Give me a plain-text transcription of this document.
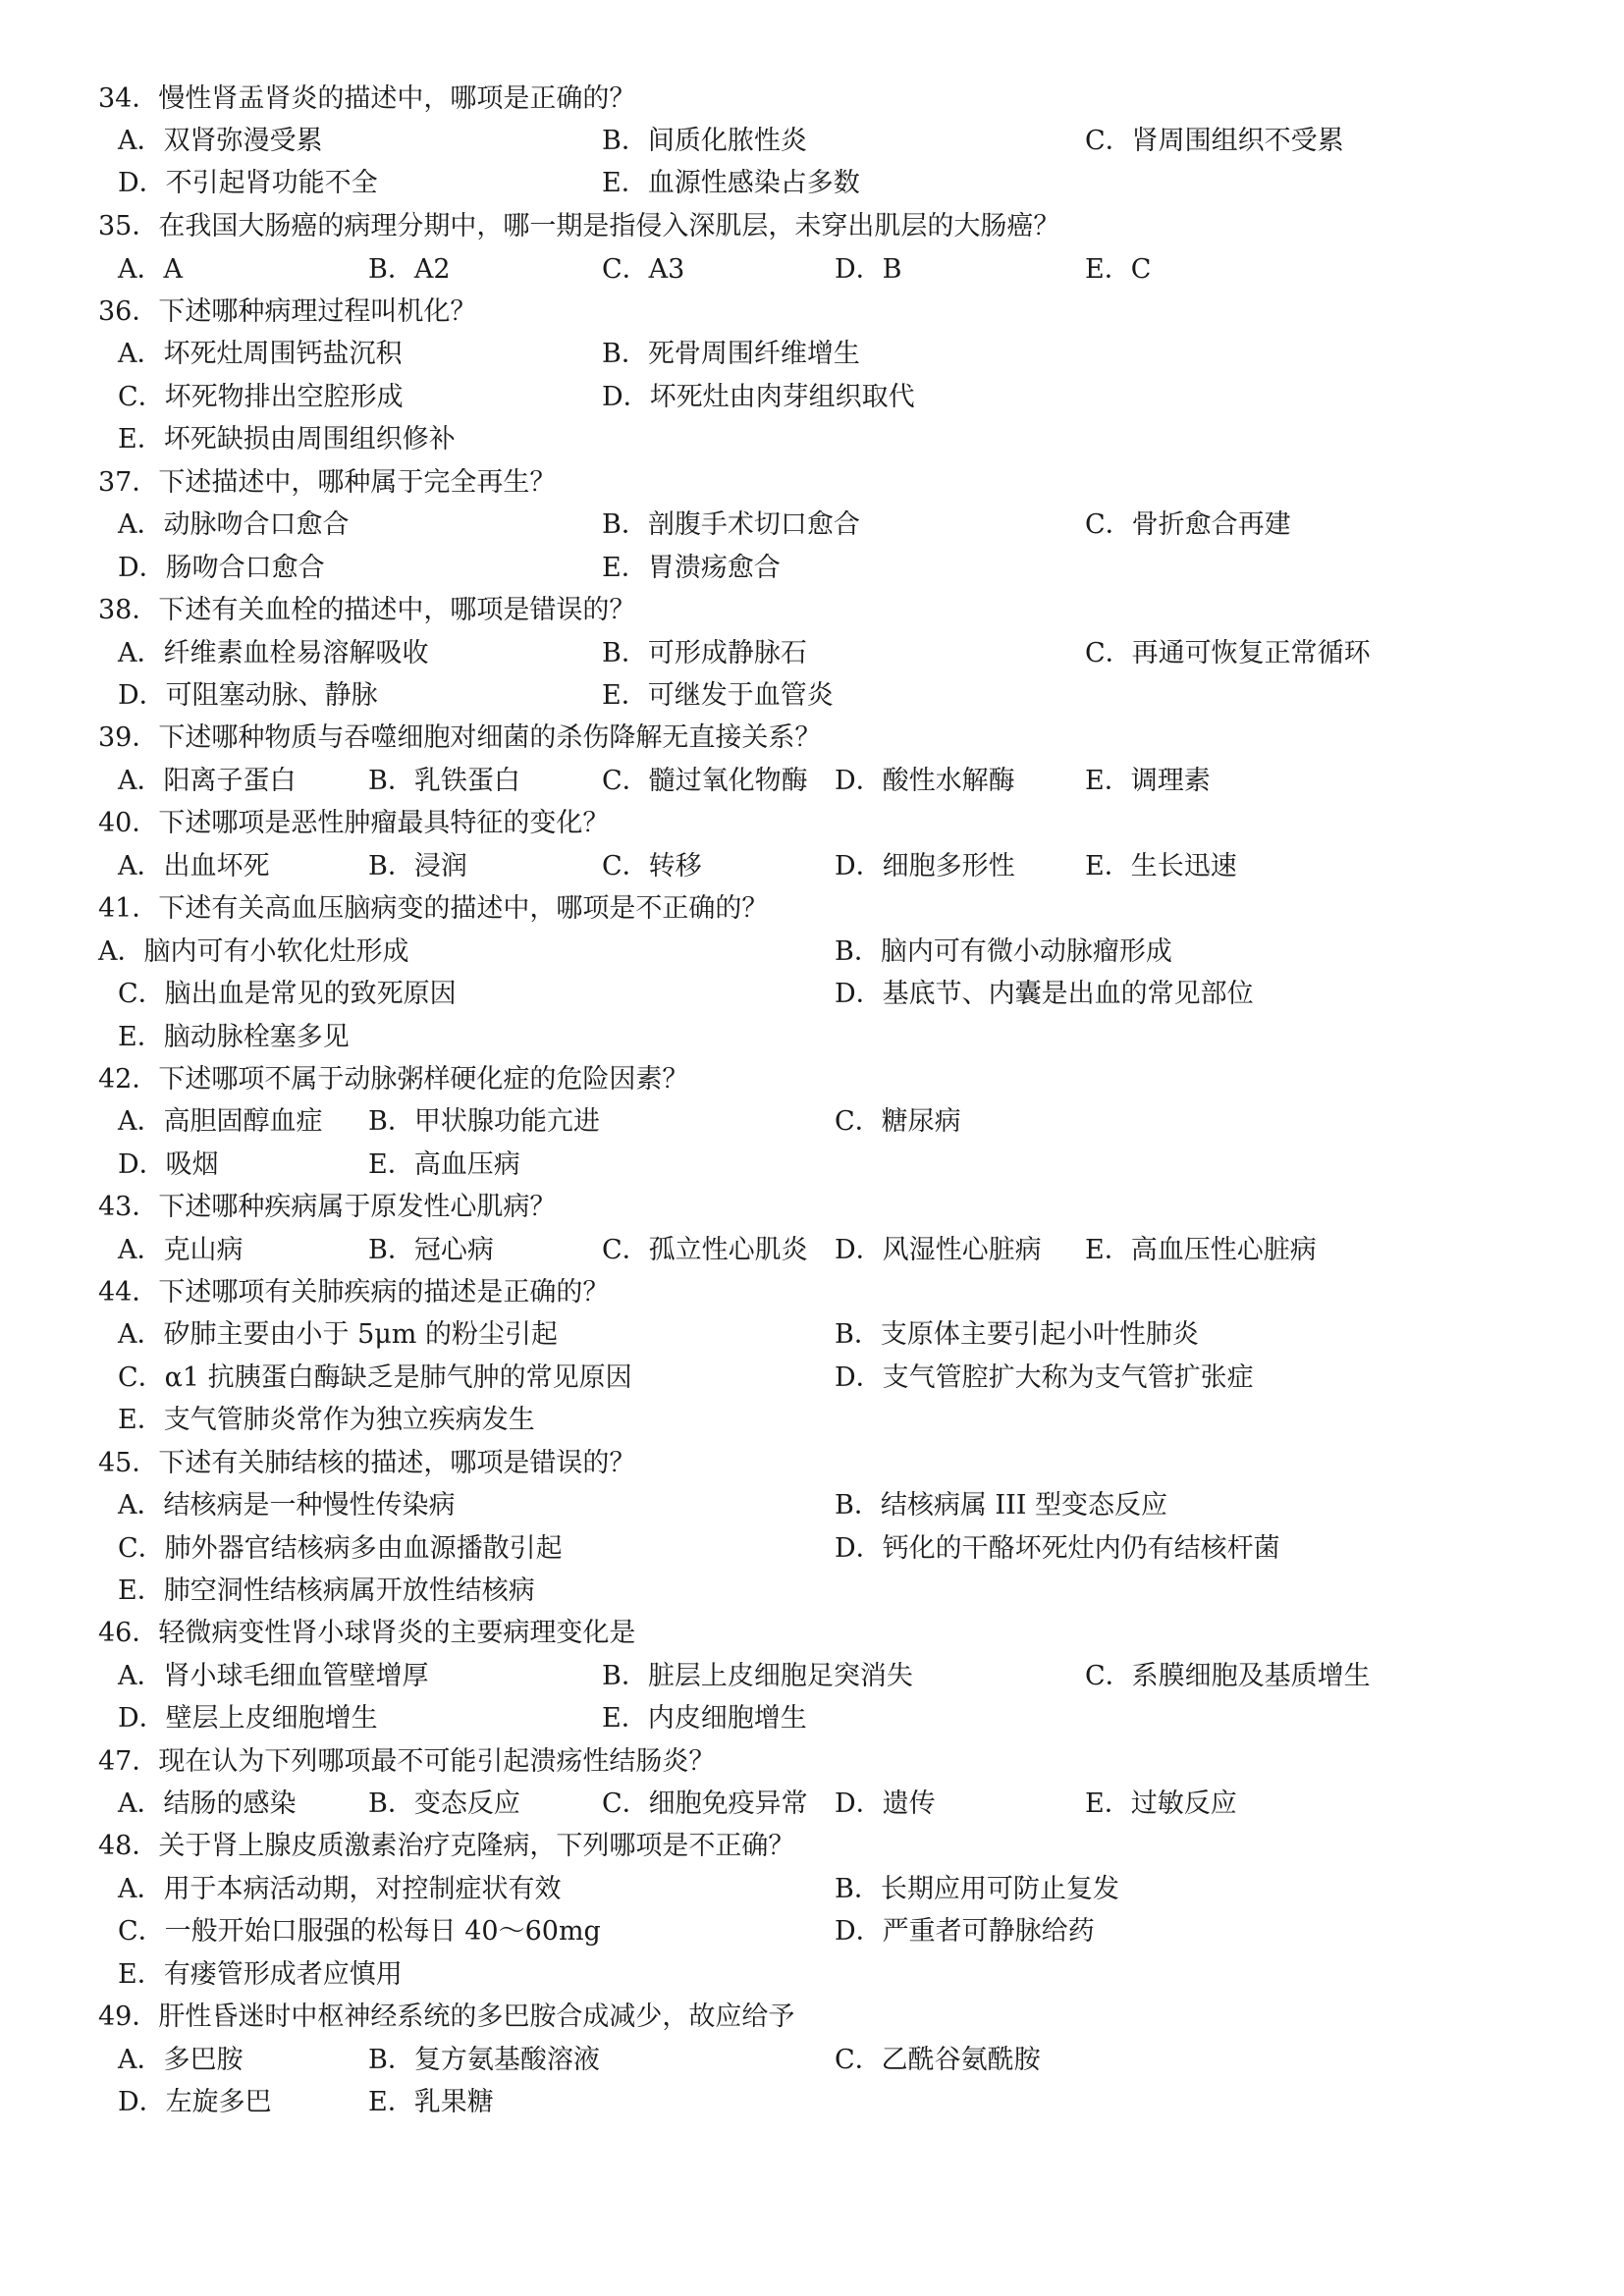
34．慢性肾盂肾炎的描述中，哪项是正确的？
A．双肾弥漫受累	B．间质化脓性炎	C．肾周围组织不受累
D．不引起肾功能不全	E．血源性感染占多数
35．在我国大肠癌的病理分期中，哪一期是指侵入深肌层，未穿出肌层的大肠癌？
A．A	B．A2	C．A3	D．B	E．C
36．下述哪种病理过程叫机化？
A．坏死灶周围钙盐沉积	B．死骨周围纤维增生
C．坏死物排出空腔形成	D．坏死灶由肉芽组织取代
E．坏死缺损由周围组织修补
37．下述描述中，哪种属于完全再生？
A．动脉吻合口愈合	B．剖腹手术切口愈合	C．骨折愈合再建
D．肠吻合口愈合	E．胃溃疡愈合
38．下述有关血栓的描述中，哪项是错误的？
A．纤维素血栓易溶解吸收	B．可形成静脉石	C．再通可恢复正常循环
D．可阻塞动脉、静脉	E．可继发于血管炎
39．下述哪种物质与吞噬细胞对细菌的杀伤降解无直接关系？
A．阳离子蛋白	B．乳铁蛋白	C．髓过氧化物酶 D．酸性水解酶	E．调理素
40．下述哪项是恶性肿瘤最具特征的变化？
A．出血坏死	B．浸润	C．转移	D．细胞多形性	E．生长迅速
41．下述有关高血压脑病变的描述中，哪项是不正确的？
A．脑内可有小软化灶形成	B．脑内可有微小动脉瘤形成
C．脑出血是常见的致死原因	D．基底节、内囊是出血的常见部位
E．脑动脉栓塞多见
42．下述哪项不属于动脉粥样硬化症的危险因素？
A．高胆固醇血症 B．甲状腺功能亢进	C．糖尿病
D．吸烟	E．高血压病
43．下述哪种疾病属于原发性心肌病？
A．克山病	B．冠心病	C．孤立性心肌炎 D．风湿性心脏病 E．高血压性心脏病
44．下述哪项有关肺疾病的描述是正确的？
A．矽肺主要由小于 5μm 的粉尘引起	B．支原体主要引起小叶性肺炎
C．α1 抗胰蛋白酶缺乏是肺气肿的常见原因	D．支气管腔扩大称为支气管扩张症
E．支气管肺炎常作为独立疾病发生
45．下述有关肺结核的描述，哪项是错误的？
A．结核病是一种慢性传染病	B．结核病属 III 型变态反应
C．肺外器官结核病多由血源播散引起	D．钙化的干酪坏死灶内仍有结核杆菌
E．肺空洞性结核病属开放性结核病
46．轻微病变性肾小球肾炎的主要病理变化是
A．肾小球毛细血管壁增厚	B．脏层上皮细胞足突消失	C．系膜细胞及基质增生
D．壁层上皮细胞增生	E．内皮细胞增生
47．现在认为下列哪项最不可能引起溃疡性结肠炎？
A．结肠的感染	B．变态反应	C．细胞免疫异常 D．遗传	E．过敏反应
48．关于肾上腺皮质激素治疗克隆病，下列哪项是不正确？
A．用于本病活动期，对控制症状有效	B．长期应用可防止复发
C．一般开始口服强的松每日 40～60mg	D．严重者可静脉给药
E．有瘘管形成者应慎用
49．肝性昏迷时中枢神经系统的多巴胺合成减少，故应给予
A．多巴胺	B．复方氨基酸溶液	C．乙酰谷氨酰胺
D．左旋多巴	E．乳果糖
